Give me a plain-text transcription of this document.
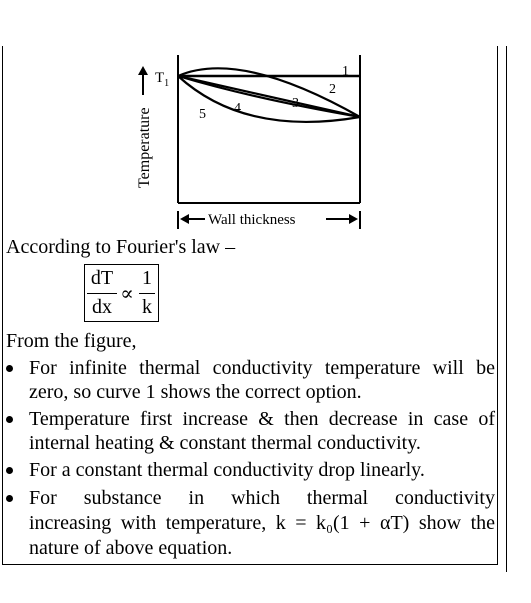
1
2
3
4
5
$T_1$
Temperature
Wall thickness
According to Fourier's law –
dT
dx
∝
1
k
From the figure,
For infinite thermal conductivity temperature will be
zero, so curve 1 shows the correct option.
Temperature first increase & then decrease in case of
internal heating & constant thermal conductivity.
For a constant thermal conductivity drop linearly.
For substance in which thermal conductivity
increasing with temperature, k = k₀(1 + αT) show the
nature of above equation.
